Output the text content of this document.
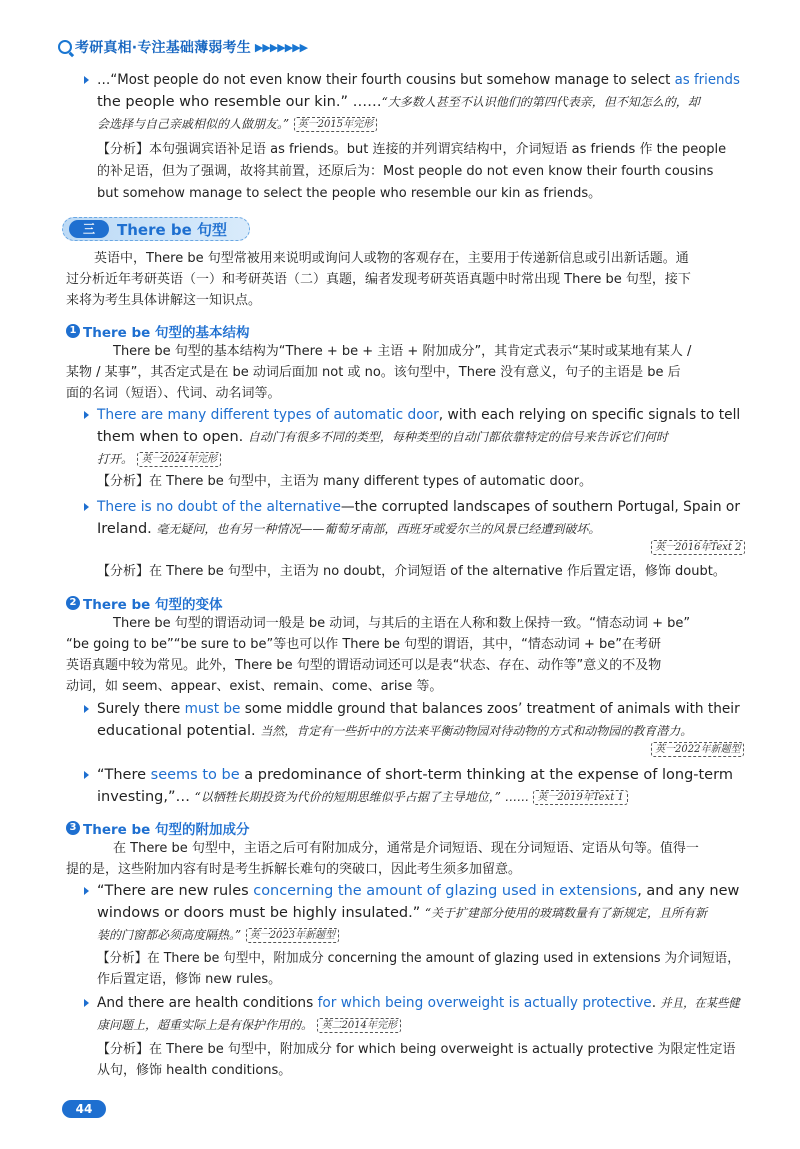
考研真相·专注基础薄弱考生 ▶▶▶▶▶▶▶
…“Most people do not even know their fourth cousins but somehow manage to select as friends
the people who resemble our kin.” ……“大多数人甚至不认识他们的第四代表亲，但不知怎么的，却
会选择与自己亲戚相似的人做朋友。” 英一2015年完形
【分析】本句强调宾语补足语 as friends。but 连接的并列谓宾结构中，介词短语 as friends 作 the people
的补足语，但为了强调，故将其前置，还原后为：Most people do not even know their fourth cousins
but somehow manage to select the people who resemble our kin as friends。
三	There be 句型
英语中，There be 句型常被用来说明或询问人或物的客观存在，主要用于传递新信息或引出新话题。通
过分析近年考研英语（一）和考研英语（二）真题，编者发现考研英语真题中时常出现 There be 句型，接下
来将为考生具体讲解这一知识点。
1 There be 句型的基本结构
There be 句型的基本结构为“There + be + 主语 + 附加成分”，其肯定式表示“某时或某地有某人 /
某物 / 某事”，其否定式是在 be 动词后面加 not 或 no。该句型中，There 没有意义，句子的主语是 be 后
面的名词（短语）、代词、动名词等。
There are many different types of automatic door, with each relying on specific signals to tell
them when to open. 自动门有很多不同的类型，每种类型的自动门都依靠特定的信号来告诉它们何时
打开。 英一2024年完形
【分析】在 There be 句型中，主语为 many different types of automatic door。
There is no doubt of the alternative—the corrupted landscapes of southern Portugal, Spain or
Ireland. 毫无疑问，也有另一种情况——葡萄牙南部，西班牙或爱尔兰的风景已经遭到破坏。
英一2016年Text 2
【分析】在 There be 句型中，主语为 no doubt，介词短语 of the alternative 作后置定语，修饰 doubt。
2 There be 句型的变体
There be 句型的谓语动词一般是 be 动词，与其后的主语在人称和数上保持一致。“情态动词 + be”
“be going to be”“be sure to be”等也可以作 There be 句型的谓语，其中，“情态动词 + be”在考研
英语真题中较为常见。此外，There be 句型的谓语动词还可以是表“状态、存在、动作等”意义的不及物
动词，如 seem、appear、exist、remain、come、arise 等。
Surely there must be some middle ground that balances zoos’ treatment of animals with their
educational potential. 当然，肯定有一些折中的方法来平衡动物园对待动物的方式和动物园的教育潜力。
英一2022年新题型
“There seems to be a predominance of short-term thinking at the expense of long-term
investing,”… “以牺牲长期投资为代价的短期思维似乎占据了主导地位，” …… 英一2019年Text 1
3 There be 句型的附加成分
在 There be 句型中，主语之后可有附加成分，通常是介词短语、现在分词短语、定语从句等。值得一
提的是，这些附加内容有时是考生拆解长难句的突破口，因此考生须多加留意。
“There are new rules concerning the amount of glazing used in extensions, and any new
windows or doors must be highly insulated.” “关于扩建部分使用的玻璃数量有了新规定，且所有新
装的门窗都必须高度隔热。” 英一2023年新题型
【分析】在 There be 句型中，附加成分 concerning the amount of glazing used in extensions 为介词短语，
作后置定语，修饰 new rules。
And there are health conditions for which being overweight is actually protective. 并且，在某些健
康问题上，超重实际上是有保护作用的。 英二2014年完形
【分析】在 There be 句型中，附加成分 for which being overweight is actually protective 为限定性定语
从句，修饰 health conditions。
44
